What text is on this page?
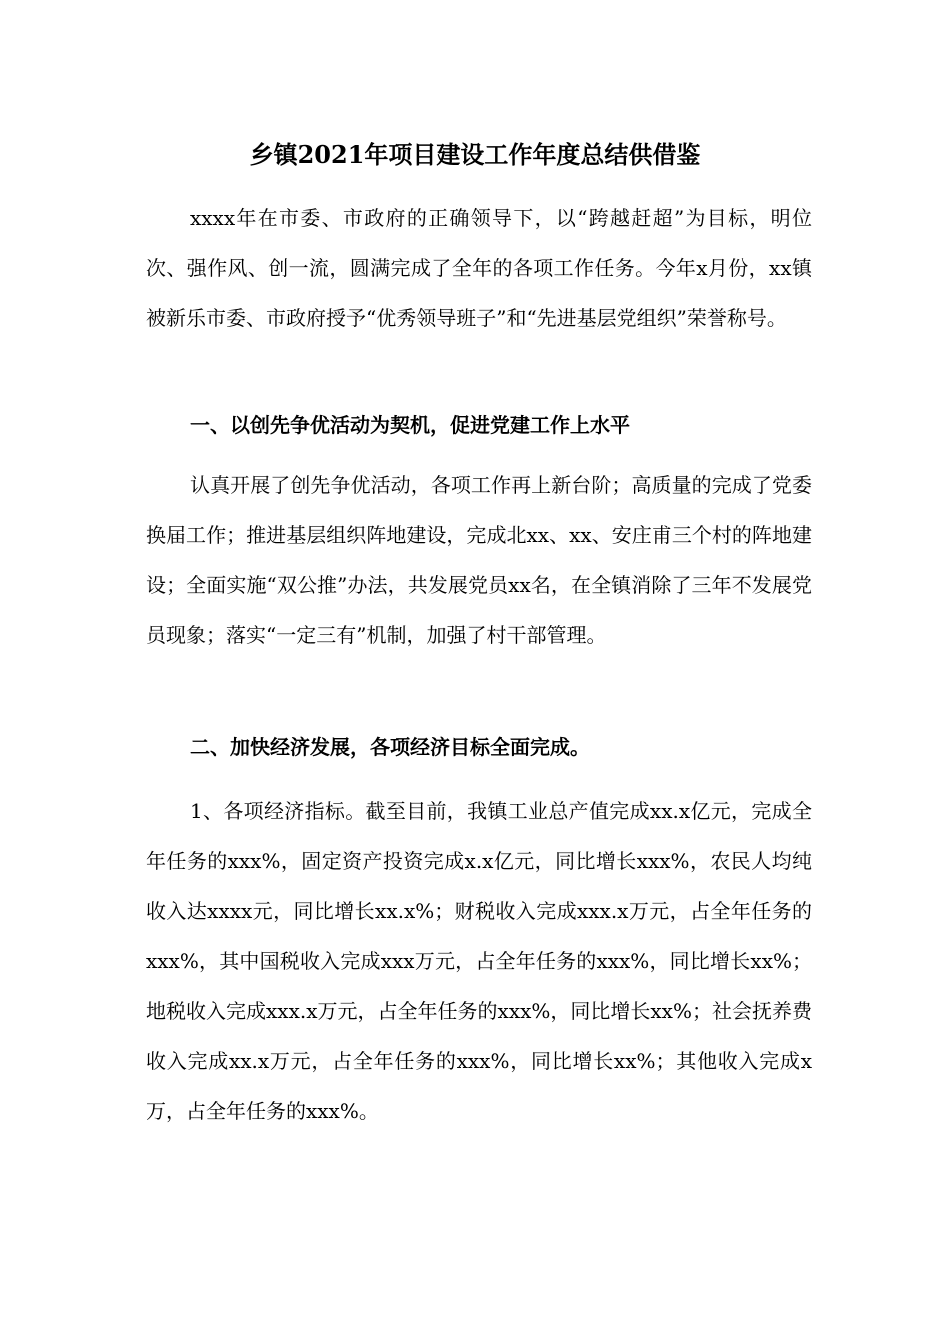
乡镇2021年项目建设工作年度总结供借鉴

xxxx年在市委、市政府的正确领导下，以“跨越赶超”为目标，明位次、强作风、创一流，圆满完成了全年的各项工作任务。今年x月份，xx镇被新乐市委、市政府授予“优秀领导班子”和“先进基层党组织”荣誉称号。

一、以创先争优活动为契机，促进党建工作上水平

认真开展了创先争优活动，各项工作再上新台阶；高质量的完成了党委换届工作；推进基层组织阵地建设，完成北xx、xx、安庄甫三个村的阵地建设；全面实施“双公推”办法，共发展党员xx名，在全镇消除了三年不发展党员现象；落实“一定三有”机制，加强了村干部管理。

二、加快经济发展，各项经济目标全面完成。

1、各项经济指标。截至目前，我镇工业总产值完成xx.x亿元，完成全年任务的xxx%，固定资产投资完成x.x亿元，同比增长xxx%，农民人均纯收入达xxxx元，同比增长xx.x%；财税收入完成xxx.x万元，占全年任务的xxx%，其中国税收入完成xxx万元，占全年任务的xxx%，同比增长xx%；地税收入完成xxx.x万元，占全年任务的xxx%，同比增长xx%；社会抚养费收入完成xx.x万元，占全年任务的xxx%，同比增长xx%；其他收入完成x万，占全年任务的xxx%。
